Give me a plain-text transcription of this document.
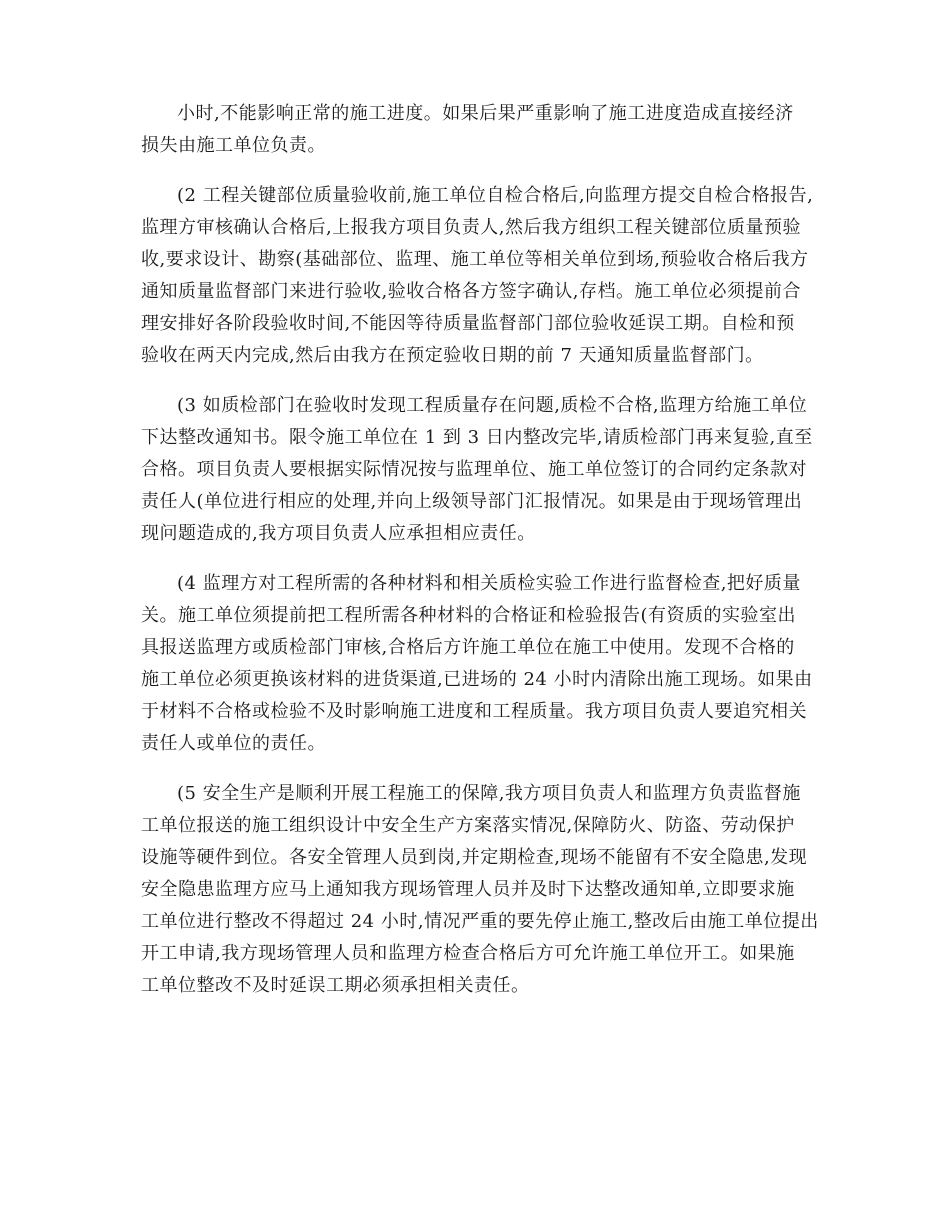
小时,不能影响正常的施工进度。如果后果严重影响了施工进度造成直接经济
损失由施工单位负责。
(2 工程关键部位质量验收前,施工单位自检合格后,向监理方提交自检合格报告,
监理方审核确认合格后,上报我方项目负责人,然后我方组织工程关键部位质量预验
收,要求设计、勘察(基础部位、监理、施工单位等相关单位到场,预验收合格后我方
通知质量监督部门来进行验收,验收合格各方签字确认,存档。施工单位必须提前合
理安排好各阶段验收时间,不能因等待质量监督部门部位验收延误工期。自检和预
验收在两天内完成,然后由我方在预定验收日期的前 7 天通知质量监督部门。
(3 如质检部门在验收时发现工程质量存在问题,质检不合格,监理方给施工单位
下达整改通知书。限令施工单位在 1 到 3 日内整改完毕,请质检部门再来复验,直至
合格。项目负责人要根据实际情况按与监理单位、施工单位签订的合同约定条款对
责任人(单位进行相应的处理,并向上级领导部门汇报情况。如果是由于现场管理出
现问题造成的,我方项目负责人应承担相应责任。
(4 监理方对工程所需的各种材料和相关质检实验工作进行监督检查,把好质量
关。施工单位须提前把工程所需各种材料的合格证和检验报告(有资质的实验室出
具报送监理方或质检部门审核,合格后方许施工单位在施工中使用。发现不合格的
施工单位必须更换该材料的进货渠道,已进场的 24 小时内清除出施工现场。如果由
于材料不合格或检验不及时影响施工进度和工程质量。我方项目负责人要追究相关
责任人或单位的责任。
(5 安全生产是顺利开展工程施工的保障,我方项目负责人和监理方负责监督施
工单位报送的施工组织设计中安全生产方案落实情况,保障防火、防盗、劳动保护
设施等硬件到位。各安全管理人员到岗,并定期检查,现场不能留有不安全隐患,发现
安全隐患监理方应马上通知我方现场管理人员并及时下达整改通知单,立即要求施
工单位进行整改不得超过 24 小时,情况严重的要先停止施工,整改后由施工单位提出
开工申请,我方现场管理人员和监理方检查合格后方可允许施工单位开工。如果施
工单位整改不及时延误工期必须承担相关责任。
